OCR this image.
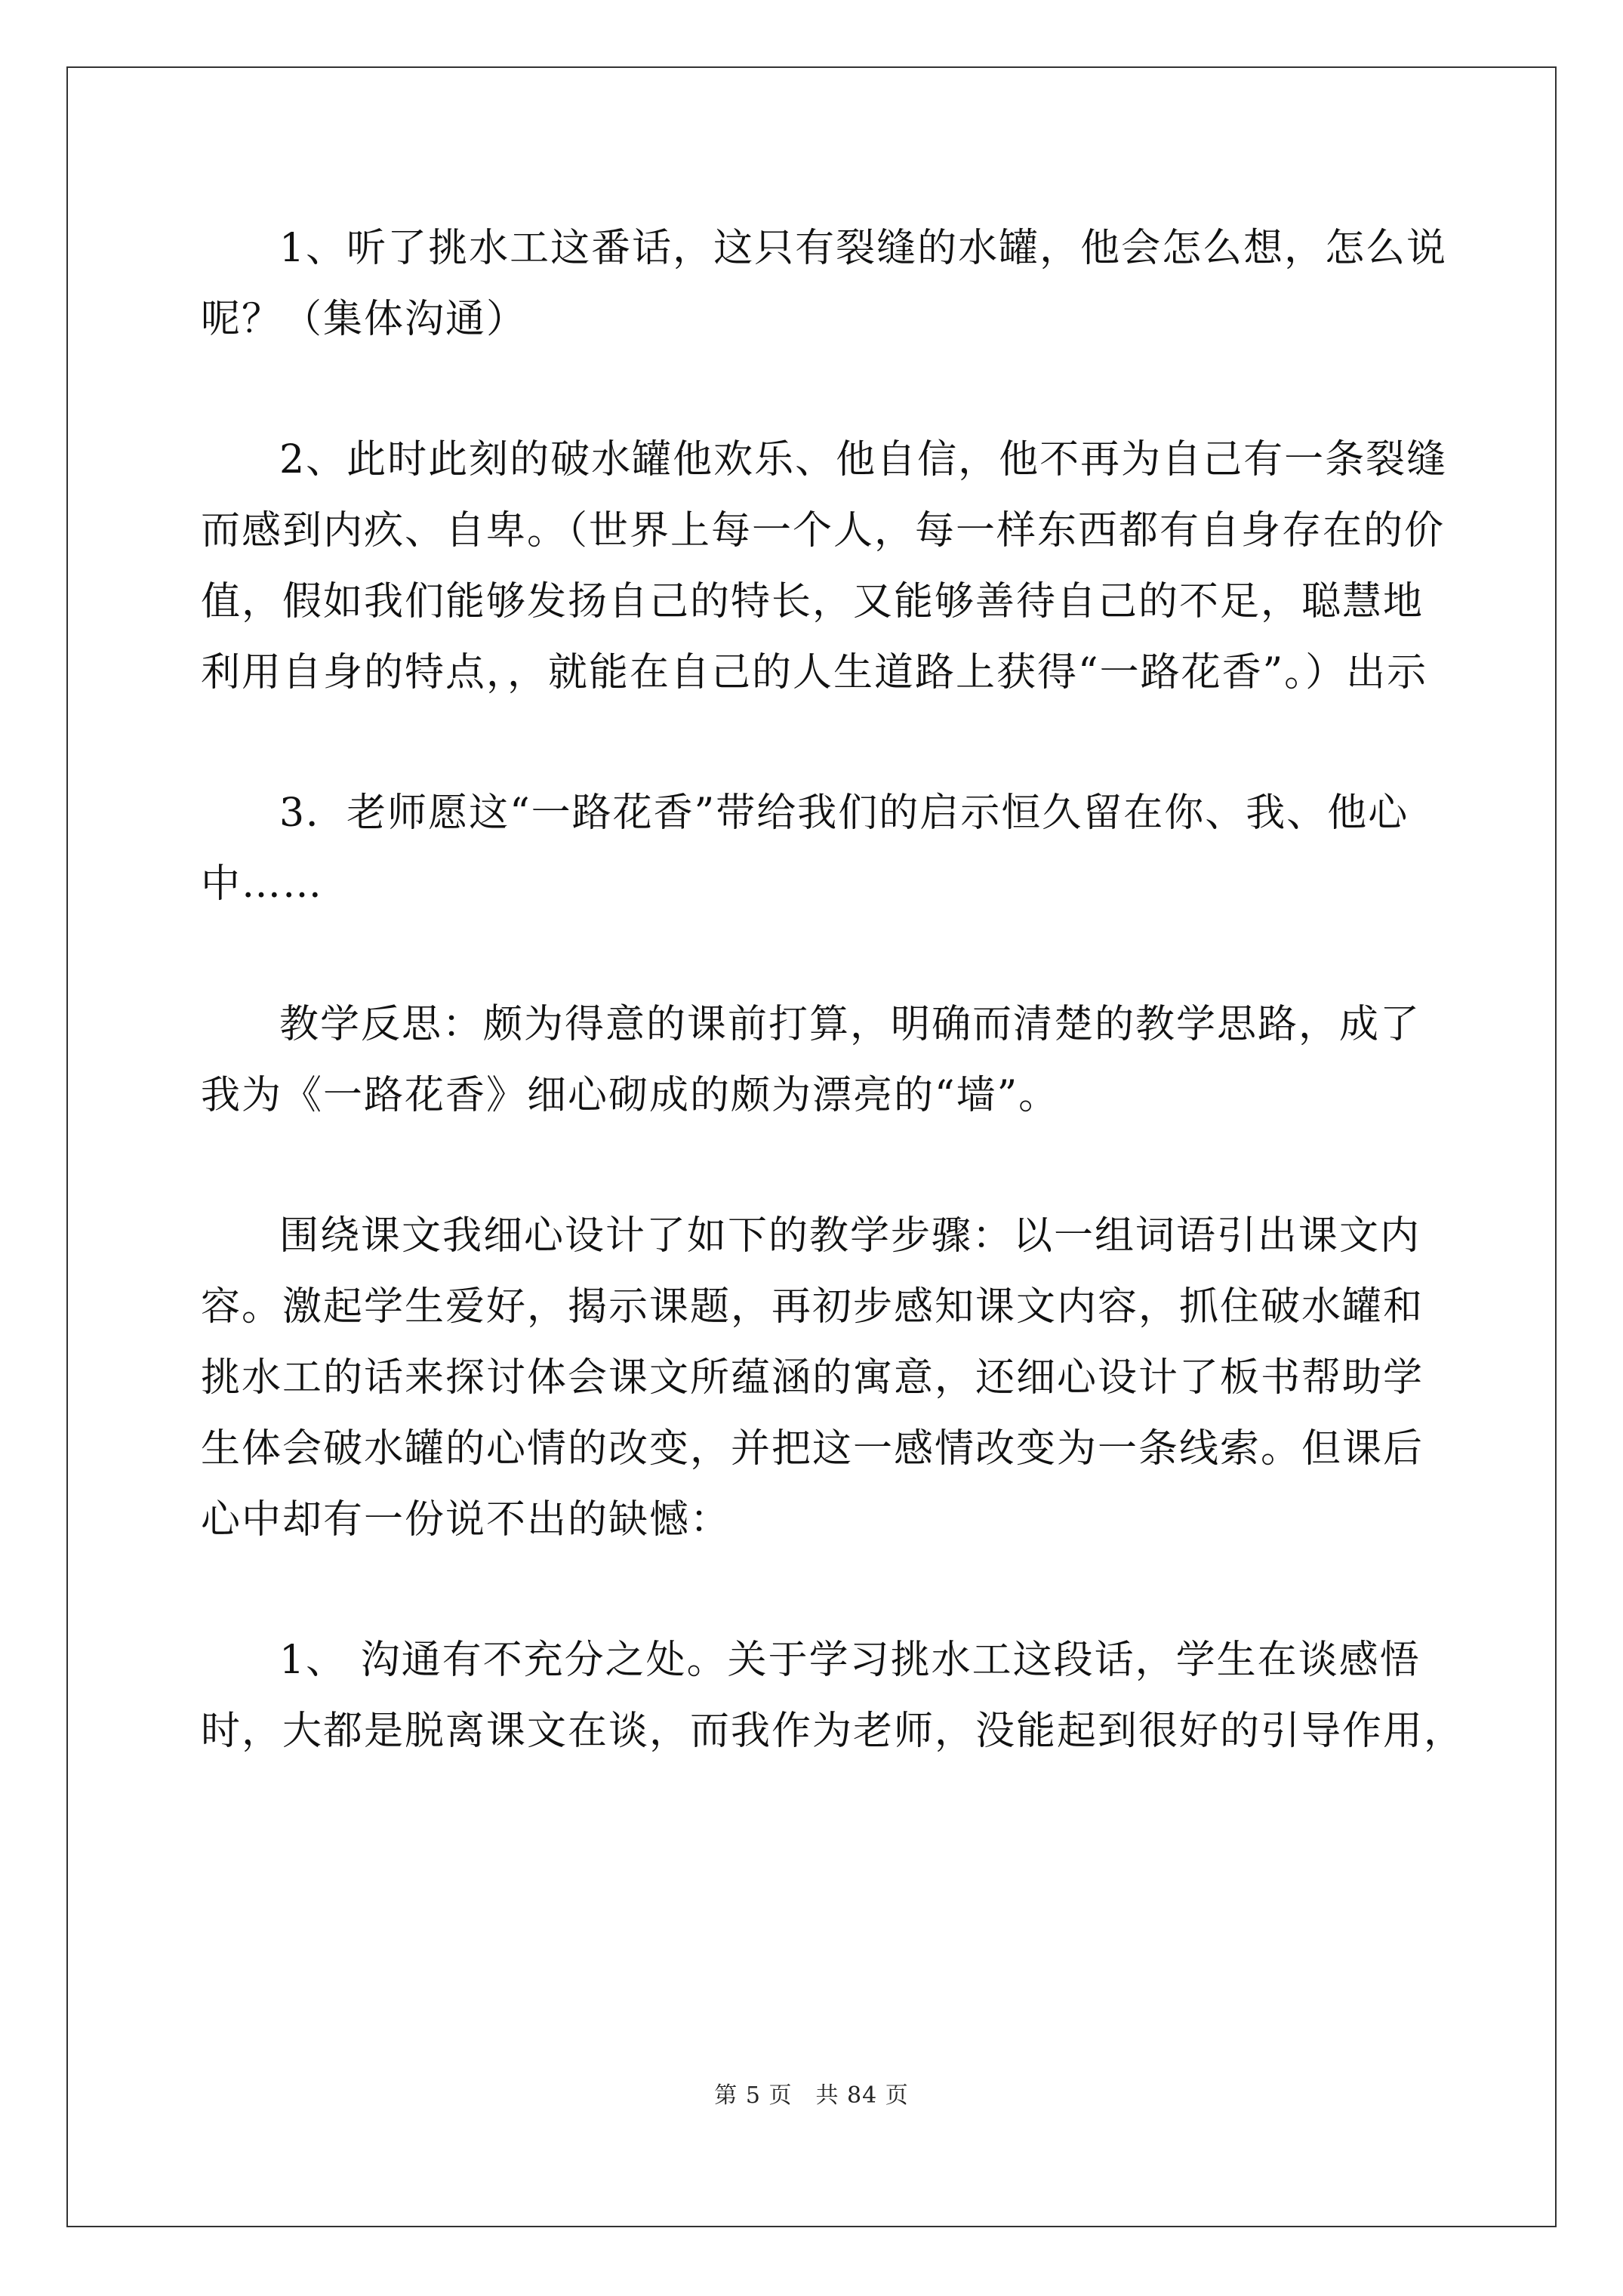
1、听了挑水工这番话，这只有裂缝的水罐，他会怎么想，怎么说
呢？（集体沟通）
2、此时此刻的破水罐他欢乐、他自信，他不再为自己有一条裂缝
而感到内疚、自卑。（世界上每一个人，每一样东西都有自身存在的价
值，假如我们能够发扬自己的特长，又能够善待自己的不足，聪慧地
利用自身的特点，，就能在自己的人生道路上获得“一路花香”。）出示
3．老师愿这“一路花香”带给我们的启示恒久留在你、我、他心
中……
教学反思：颇为得意的课前打算，明确而清楚的教学思路，成了
我为《一路花香》细心砌成的颇为漂亮的“墙”。
围绕课文我细心设计了如下的教学步骤：以一组词语引出课文内
容。激起学生爱好，揭示课题，再初步感知课文内容，抓住破水罐和
挑水工的话来探讨体会课文所蕴涵的寓意，还细心设计了板书帮助学
生体会破水罐的心情的改变，并把这一感情改变为一条线索。但课后
心中却有一份说不出的缺憾：
1、 沟通有不充分之处。关于学习挑水工这段话，学生在谈感悟
时，大都是脱离课文在谈，而我作为老师，没能起到很好的引导作用，
第 5 页　共 84 页
